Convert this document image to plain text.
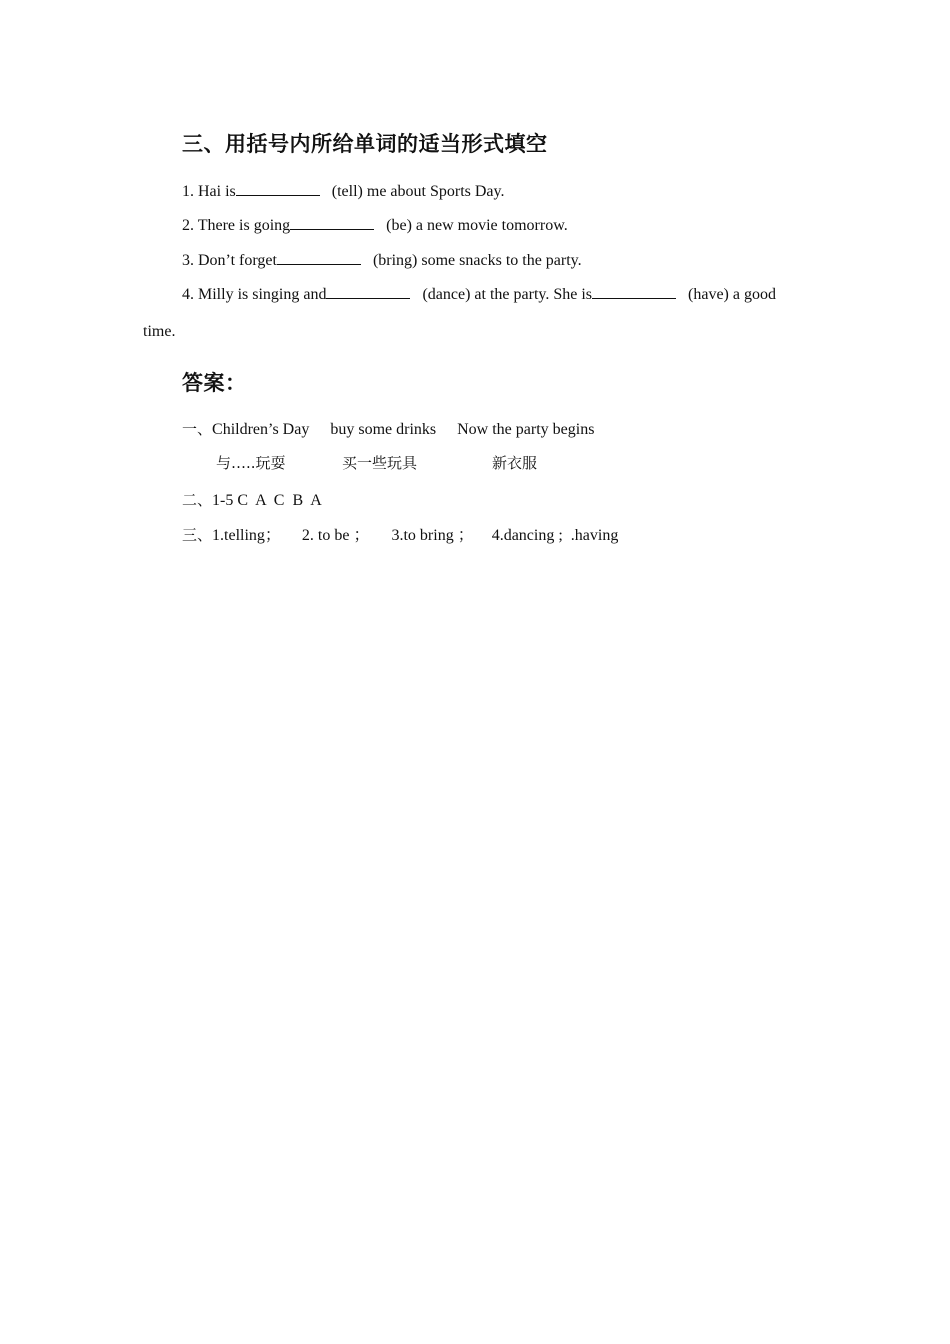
三、用括号内所给单词的适当形式填空
1. Hai is	(tell) me about Sports Day.
2. There is going	(be) a new movie tomorrow.
3. Don’t forget	(bring) some snacks to the party.
4. Milly is singing and	(dance) at the party. She is	(have) a good
time.
答案：
一、Children’s Day buy some drinks Now the party begins
与…..玩耍	买一些玩具	新衣服
二、1-5 C  A  C  B  A
三、1.telling； 2. to be ； 3.to bring ； 4.dancing ;  .having
